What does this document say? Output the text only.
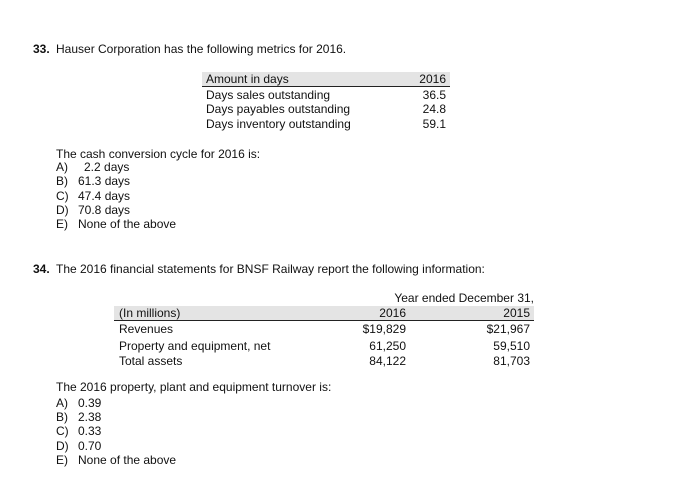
33. Hauser Corporation has the following metrics for 2016.
Amount in days	2016
Days sales outstanding	36.5
Days payables outstanding	24.8
Days inventory outstanding	59.1
The cash conversion cycle for 2016 is:
A) 2.2 days
B) 61.3 days
C) 47.4 days
D) 70.8 days
E) None of the above
34. The 2016 financial statements for BNSF Railway report the following information:
Year ended December 31,
(In millions)	2016	2015
Revenues	$19,829	$21,967
Property and equipment, net	61,250	59,510
Total assets	84,122	81,703
The 2016 property, plant and equipment turnover is:
A) 0.39
B) 2.38
C) 0.33
D) 0.70
E) None of the above
